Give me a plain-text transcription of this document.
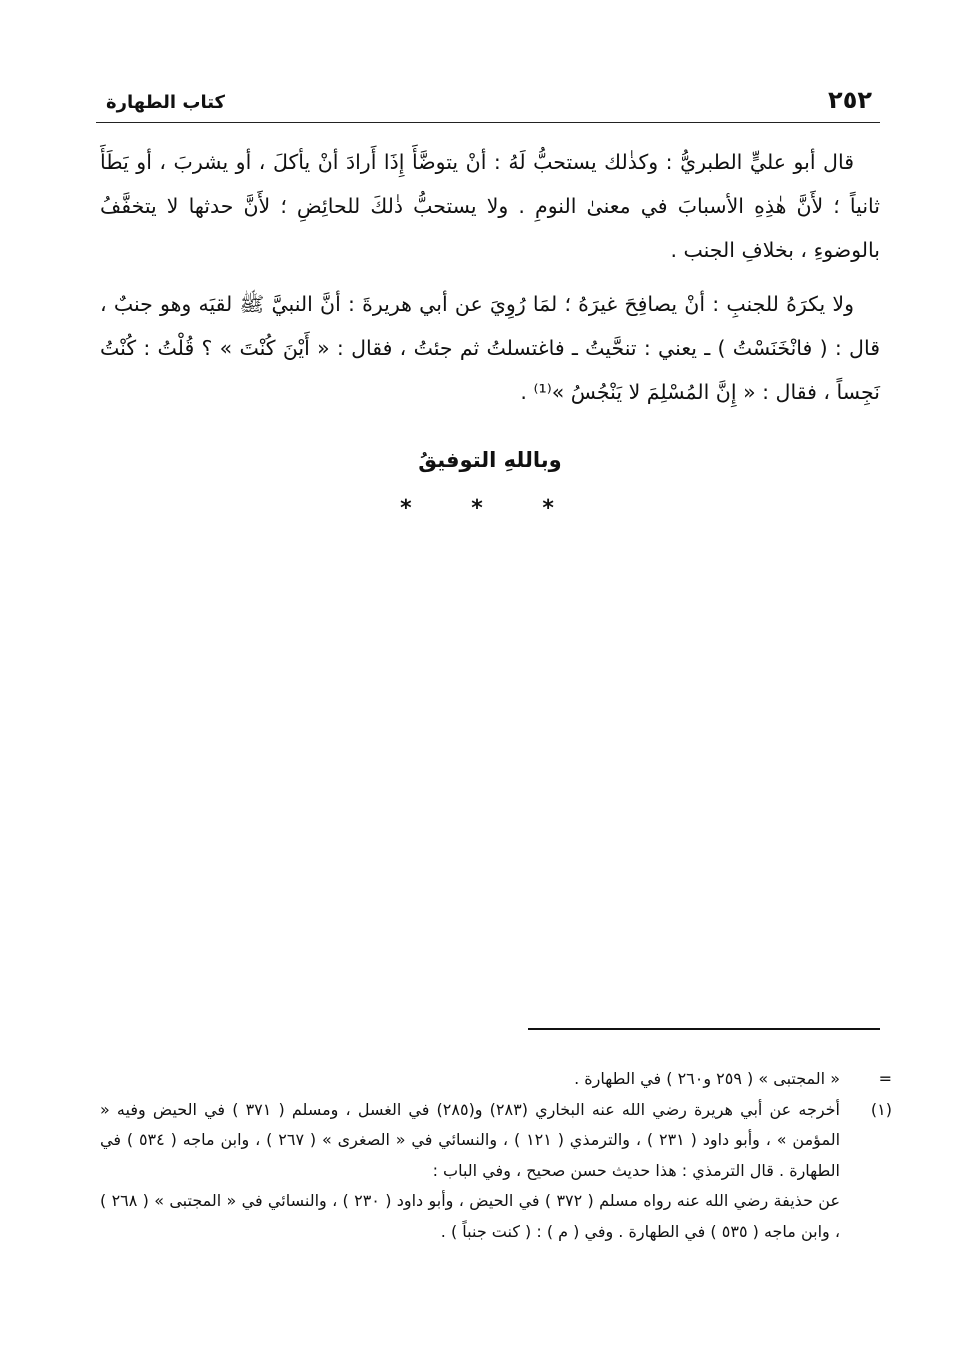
٢٥٢
كتاب الطهارة

قال أبو عليٍّ الطبريُّ : وكذٰلك يستحبُّ لَهُ : أنْ يتوضَّأَ إِذَا أَرادَ أنْ يأكلَ ، أو يشربَ ، أو يَطَأَ ثانياً ؛ لأَنَّ هٰذِهِ الأسبابَ في معنىٰ النومِ . ولا يستحبُّ ذٰلكَ للحائِضِ ؛ لأَنَّ حدثها لا يتخفَّفُ بالوضوءِ ، بخلافِ الجنب .

ولا يكرَهُ للجنبِ : أنْ يصافِحَ غيرَهُ ؛ لمَا رُوِيَ عن أبي هريرةَ : أنَّ النبيَّ ﷺ لقيَه وهو جنبٌ ، قال : ( فانْخَنَسْتُ ) ـ يعني : تنحَّيتُ ـ فاغتسلتُ ثم جئتُ ، فقال : « أَيْنَ كُنْتَ » ؟ قُلْتُ : كُنْتُ نَجِساً ، فقال : « إِنَّ المُسْلِمَ لا يَنْجُسُ »⁽¹⁾ .

وباللهِ التوفيقُ
* * *
=
« المجتبى » ( ٢٥٩ و٢٦٠ ) في الطهارة .
(١)
أخرجه عن أبي هريرة رضي الله عنه البخاري (٢٨٣) و(٢٨٥) في الغسل ، ومسلم ( ٣٧١ ) في الحيض وفيه « المؤمن » ، وأبو داود ( ٢٣١ ) ، والترمذي ( ١٢١ ) ، والنسائي في « الصغرى » ( ٢٦٧ ) ، وابن ماجه ( ٥٣٤ ) في الطهارة . قال الترمذي : هذا حديث حسن صحيح ، وفي الباب :
عن حذيفة رضي الله عنه رواه مسلم ( ٣٧٢ ) في الحيض ، وأبو داود ( ٢٣٠ ) ، والنسائي في « المجتبى » ( ٢٦٨ ) ، وابن ماجه ( ٥٣٥ ) في الطهارة . وفي ( م ) : ( كنت جنباً ) .
